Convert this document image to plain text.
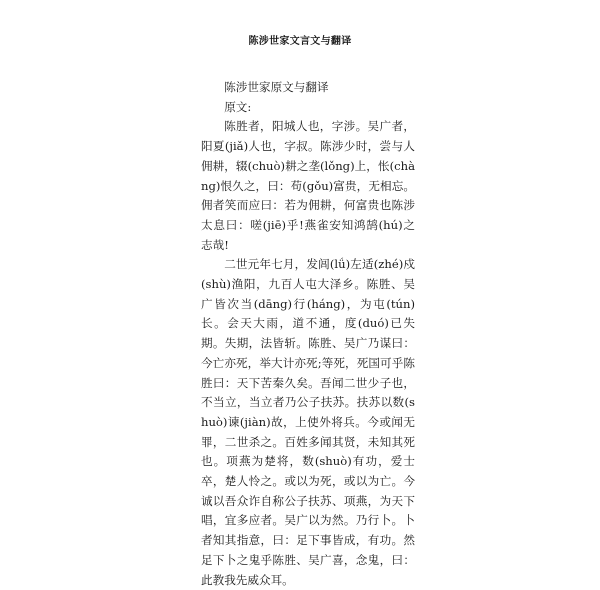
陈涉世家文言文与翻译

陈涉世家原文与翻译

原文:

陈胜者，阳城人也，字涉。吴广者，阳夏(jiǎ)人也，字叔。陈涉少时，尝与人佣耕，辍(chuò)耕之垄(lǒng)上，怅(chàng)恨久之，曰：苟(gǒu)富贵，无相忘。佣者笑而应曰：若为佣耕，何富贵也陈涉太息曰：嗟(jiē)乎!燕雀安知鸿鹄(hú)之志哉!

二世元年七月，发闾(lǘ)左适(zhé)戍(shù)渔阳，九百人屯大泽乡。陈胜、吴广皆次当(dāng)行(háng)，为屯(tún)长。会天大雨，道不通，度(duó)已失期。失期，法皆斩。陈胜、吴广乃谋曰：今亡亦死，举大计亦死;等死，死国可乎陈胜曰：天下苦秦久矣。吾闻二世少子也，不当立，当立者乃公子扶苏。扶苏以数(shuò)谏(jiàn)故，上使外将兵。今或闻无罪，二世杀之。百姓多闻其贤，未知其死也。项燕为楚将，数(shuò)有功，爱士卒，楚人怜之。或以为死，或以为亡。今诚以吾众诈自称公子扶苏、项燕，为天下唱，宜多应者。吴广以为然。乃行卜。卜者知其指意，曰：足下事皆成，有功。然足下卜之鬼乎陈胜、吴广喜，念鬼，曰：此教我先威众耳。
